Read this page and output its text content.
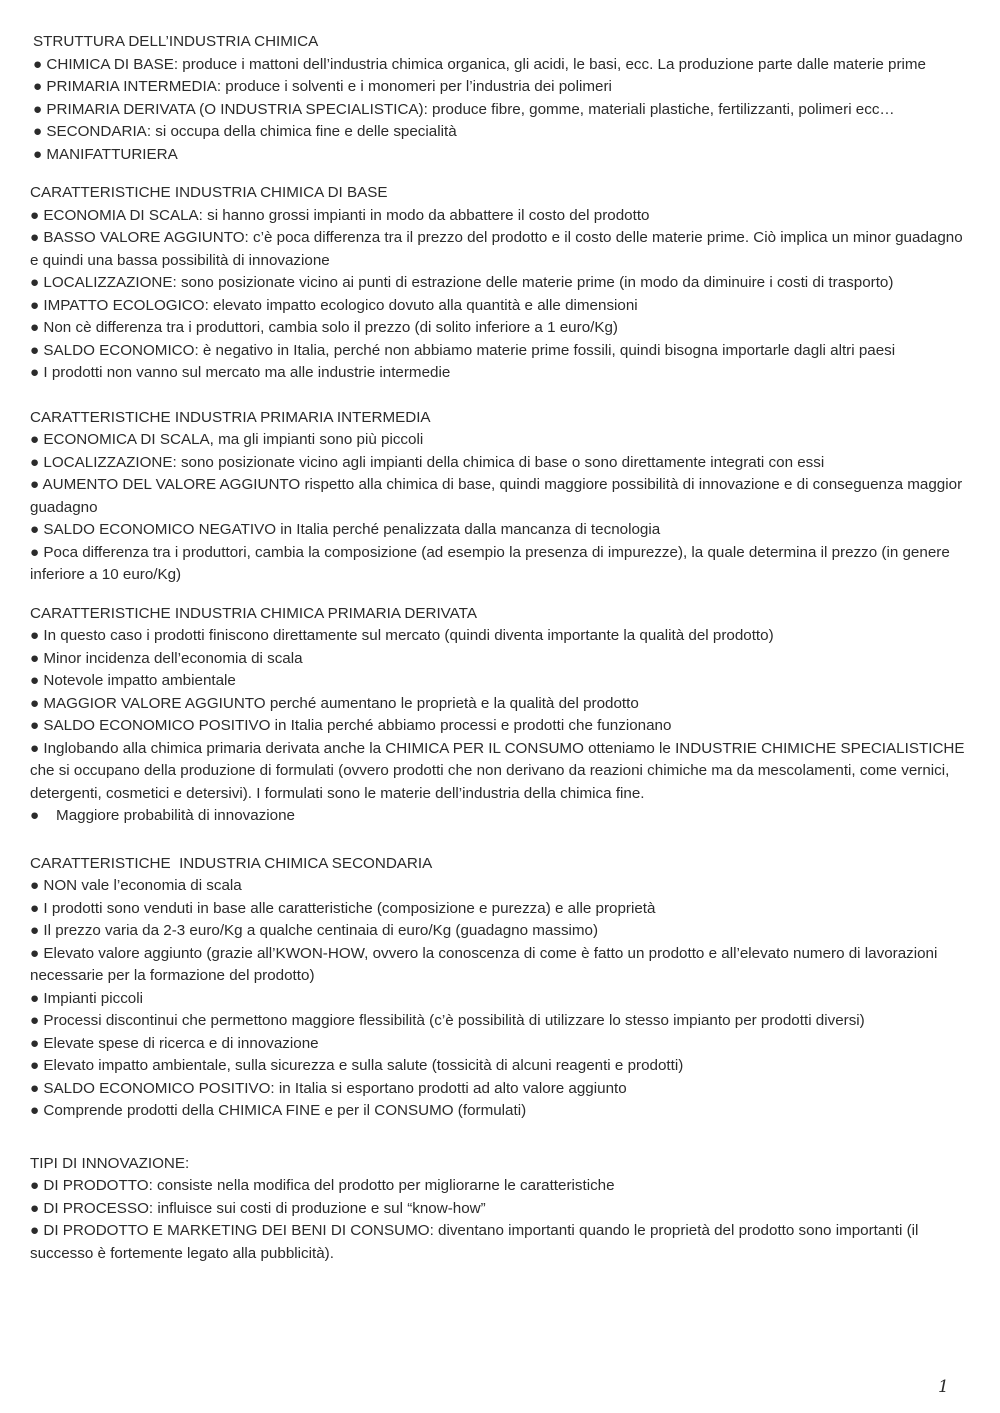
STRUTTURA DELL’INDUSTRIA CHIMICA
● CHIMICA DI BASE: produce i mattoni dell’industria chimica organica, gli acidi, le basi, ecc. La produzione parte dalle materie prime
● PRIMARIA INTERMEDIA: produce i solventi e i monomeri per l’industria dei polimeri
● PRIMARIA DERIVATA (O INDUSTRIA SPECIALISTICA): produce fibre, gomme, materiali plastiche, fertilizzanti, polimeri ecc…
● SECONDARIA: si occupa della chimica fine e delle specialità
● MANIFATTURIERA
CARATTERISTICHE INDUSTRIA CHIMICA DI BASE
● ECONOMIA DI SCALA: si hanno grossi impianti in modo da abbattere il costo del prodotto
● BASSO VALORE AGGIUNTO: c’è poca differenza tra il prezzo del prodotto e il costo delle materie prime. Ciò implica un minor guadagno e quindi una bassa possibilità di innovazione
● LOCALIZZAZIONE: sono posizionate vicino ai punti di estrazione delle materie prime (in modo da diminuire i costi di trasporto)
● IMPATTO ECOLOGICO: elevato impatto ecologico dovuto alla quantità e alle dimensioni
● Non cè differenza tra i produttori, cambia solo il prezzo (di solito inferiore a 1 euro/Kg)
● SALDO ECONOMICO: è negativo in Italia, perché non abbiamo materie prime fossili, quindi bisogna importarle dagli altri paesi
● I prodotti non vanno sul mercato ma alle industrie intermedie
CARATTERISTICHE INDUSTRIA PRIMARIA INTERMEDIA
● ECONOMICA DI SCALA, ma gli impianti sono più piccoli
● LOCALIZZAZIONE: sono posizionate vicino agli impianti della chimica di base o sono direttamente integrati con essi
● AUMENTO DEL VALORE AGGIUNTO rispetto alla chimica di base, quindi maggiore possibilità di innovazione e di conseguenza maggior guadagno
● SALDO ECONOMICO NEGATIVO in Italia perché penalizzata dalla mancanza di tecnologia
● Poca differenza tra i produttori, cambia la composizione (ad esempio la presenza di impurezze), la quale determina il prezzo (in genere inferiore a 10 euro/Kg)
CARATTERISTICHE INDUSTRIA CHIMICA PRIMARIA DERIVATA
● In questo caso i prodotti finiscono direttamente sul mercato (quindi diventa importante la qualità del prodotto)
● Minor incidenza dell’economia di scala
● Notevole impatto ambientale
● MAGGIOR VALORE AGGIUNTO perché aumentano le proprietà e la qualità del prodotto
● SALDO ECONOMICO POSITIVO in Italia perché abbiamo processi e prodotti che funzionano
● Inglobando alla chimica primaria derivata anche la CHIMICA PER IL CONSUMO otteniamo le INDUSTRIE CHIMICHE SPECIALISTICHE che si occupano della produzione di formulati (ovvero prodotti che non derivano da reazioni chimiche ma da mescolamenti, come vernici, detergenti, cosmetici e detersivi). I formulati sono le materie dell’industria della chimica fine.
●    Maggiore probabilità di innovazione
CARATTERISTICHE  INDUSTRIA CHIMICA SECONDARIA
● NON vale l’economia di scala
● I prodotti sono venduti in base alle caratteristiche (composizione e purezza) e alle proprietà
● Il prezzo varia da 2-3 euro/Kg a qualche centinaia di euro/Kg (guadagno massimo)
● Elevato valore aggiunto (grazie all’KWON-HOW, ovvero la conoscenza di come è fatto un prodotto e all’elevato numero di lavorazioni necessarie per la formazione del prodotto)
● Impianti piccoli
● Processi discontinui che permettono maggiore flessibilità (c’è possibilità di utilizzare lo stesso impianto per prodotti diversi)
● Elevate spese di ricerca e di innovazione
● Elevato impatto ambientale, sulla sicurezza e sulla salute (tossicità di alcuni reagenti e prodotti)
● SALDO ECONOMICO POSITIVO: in Italia si esportano prodotti ad alto valore aggiunto
● Comprende prodotti della CHIMICA FINE e per il CONSUMO (formulati)
TIPI DI INNOVAZIONE:
● DI PRODOTTO: consiste nella modifica del prodotto per migliorarne le caratteristiche
● DI PROCESSO: influisce sui costi di produzione e sul “know-how”
● DI PRODOTTO E MARKETING DEI BENI DI CONSUMO: diventano importanti quando le proprietà del prodotto sono importanti (il successo è fortemente legato alla pubblicità).
1
